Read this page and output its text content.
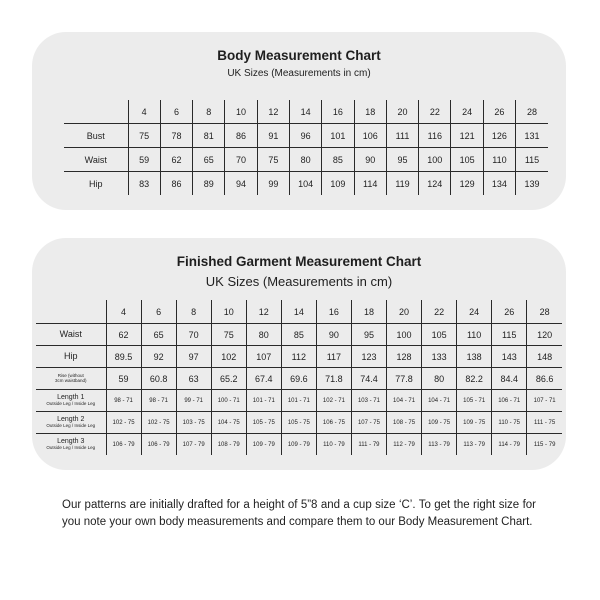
Body Measurement Chart
UK Sizes (Measurements in cm)
	4	6	8	10	12	14	16	18	20	22	24	26	28
Bust	75	78	81	86	91	96	101	106	111	116	121	126	131
Waist	59	62	65	70	75	80	85	90	95	100	105	110	115
Hip	83	86	89	94	99	104	109	114	119	124	129	134	139
Finished Garment Measurement Chart
UK Sizes (Measurements in cm)
	4	6	8	10	12	14	16	18	20	22	24	26	28
Waist	62	65	70	75	80	85	90	95	100	105	110	115	120
Hip	89.5	92	97	102	107	112	117	123	128	133	138	143	148

Rise (without
3cm waistband)	59	60.8	63	65.2	67.4	69.6	71.8	74.4	77.8	80	82.2	84.4	86.6

Length 1
Outside Leg / Inside Leg	98 - 71	98 - 71	99 - 71	100 - 71	101 - 71	101 - 71	102 - 71	103 - 71	104 - 71	104 - 71	105 - 71	106 - 71	107 - 71

Length 2
Outside Leg / Inside Leg	102 - 75	102 - 75	103 - 75	104 - 75	105 - 75	105 - 75	106 - 75	107 - 75	108 - 75	109 - 75	109 - 75	110 - 75	111 - 75

Length 3
Outside Leg / Inside Leg	106 - 79	106 - 79	107 - 79	108 - 79	109 - 79	109 - 79	110 - 79	111 - 79	112 - 79	113 - 79	113 - 79	114 - 79	115 - 79
Our patterns are initially drafted for a height of 5”8 and a cup size ‘C’. To get the right size for you note your own body measurements and compare them to our Body Measurement Chart.
